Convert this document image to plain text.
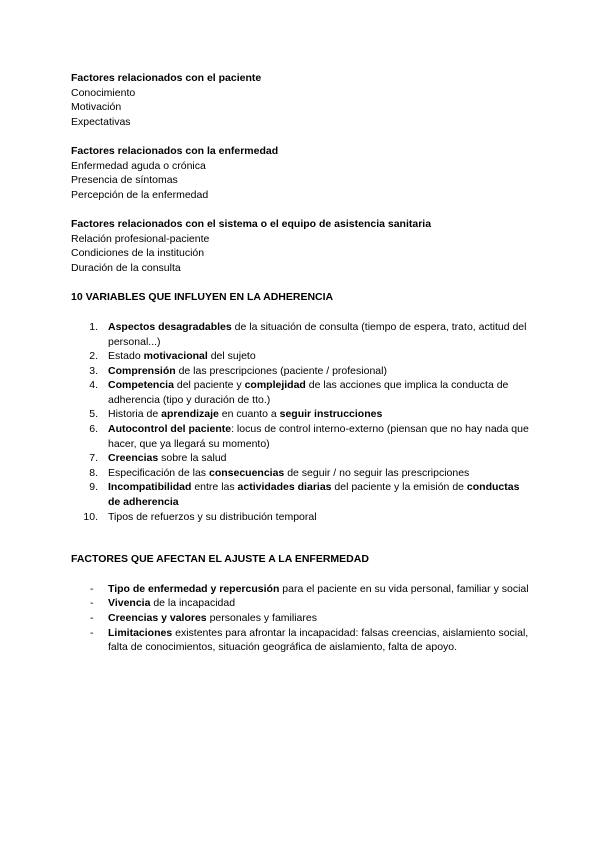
Factores relacionados con el paciente
Conocimiento
Motivación
Expectativas
Factores relacionados con la enfermedad
Enfermedad aguda o crónica
Presencia de síntomas
Percepción de la enfermedad
Factores relacionados con el sistema o el equipo de asistencia sanitaria
Relación profesional-paciente
Condiciones de la institución
Duración de la consulta
10 VARIABLES QUE INFLUYEN EN LA ADHERENCIA
1. Aspectos desagradables de la situación de consulta (tiempo de espera, trato, actitud del personal...)
2. Estado motivacional del sujeto
3. Comprensión de las prescripciones (paciente / profesional)
4. Competencia del paciente y complejidad de las acciones que implica la conducta de adherencia (tipo y duración de tto.)
5. Historia de aprendizaje en cuanto a seguir instrucciones
6. Autocontrol del paciente: locus de control interno-externo (piensan que no hay nada que hacer, que ya llegará su momento)
7. Creencias sobre la salud
8. Especificación de las consecuencias de seguir / no seguir las prescripciones
9. Incompatibilidad entre las actividades diarias del paciente y la emisión de conductas de adherencia
10. Tipos de refuerzos y su distribución temporal
FACTORES QUE AFECTAN EL AJUSTE A LA ENFERMEDAD
- Tipo de enfermedad y repercusión para el paciente en su vida personal, familiar y social
- Vivencia de la incapacidad
- Creencias y valores personales y familiares
- Limitaciones existentes para afrontar la incapacidad: falsas creencias, aislamiento social, falta de conocimientos, situación geográfica de aislamiento, falta de apoyo.
